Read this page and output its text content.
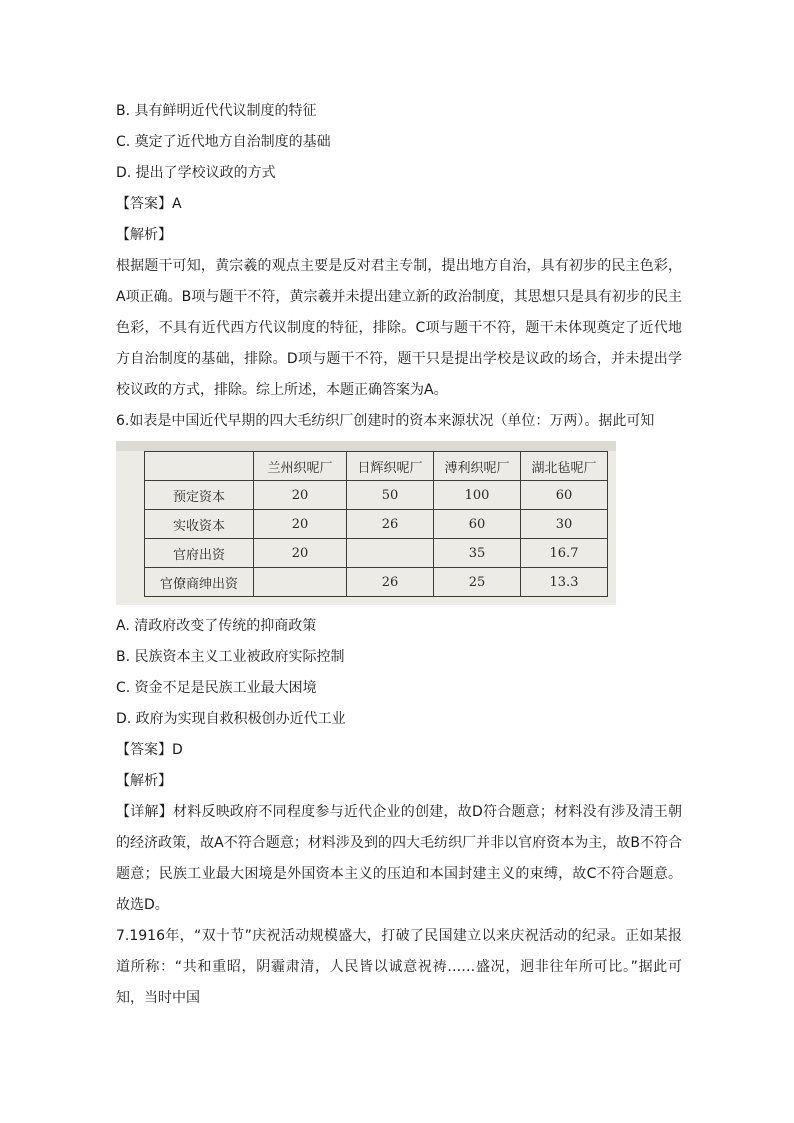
B. 具有鲜明近代代议制度的特征
C. 奠定了近代地方自治制度的基础
D. 提出了学校议政的方式
【答案】A
【解析】
根据题干可知，黄宗羲的观点主要是反对君主专制，提出地方自治，具有初步的民主色彩，A项正确。B项与题干不符，黄宗羲并未提出建立新的政治制度，其思想只是具有初步的民主色彩，不具有近代西方代议制度的特征，排除。C项与题干不符，题干未体现奠定了近代地方自治制度的基础，排除。D项与题干不符，题干只是提出学校是议政的场合，并未提出学校议政的方式，排除。综上所述，本题正确答案为A。
6.如表是中国近代早期的四大毛纺织厂创建时的资本来源状况（单位：万两）。据此可知
	兰州织呢厂	日辉织呢厂	溥利织呢厂	湖北毡呢厂
预定资本	20	50	100	60
实收资本	20	26	60	30
官府出资	20		35	16.7
官僚商绅出资		26	25	13.3
A. 清政府改变了传统的抑商政策
B. 民族资本主义工业被政府实际控制
C. 资金不足是民族工业最大困境
D. 政府为实现自救积极创办近代工业
【答案】D
【解析】
【详解】材料反映政府不同程度参与近代企业的创建，故D符合题意；材料没有涉及清王朝的经济政策，故A不符合题意；材料涉及到的四大毛纺织厂并非以官府资本为主，故B不符合题意；民族工业最大困境是外国资本主义的压迫和本国封建主义的束缚，故C不符合题意。故选D。
7.1916年，“双十节”庆祝活动规模盛大，打破了民国建立以来庆祝活动的纪录。正如某报道所称：“共和重昭，阴霾肃清，人民皆以诚意祝祷……盛况，迥非往年所可比。”据此可知，当时中国
